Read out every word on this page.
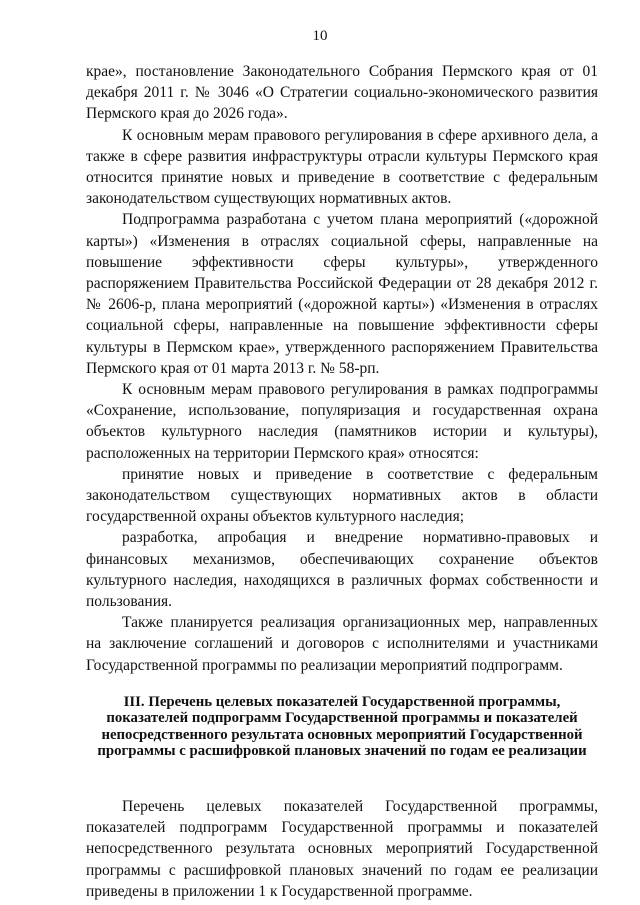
10

крае», постановление Законодательного Собрания Пермского края от 01 декабря 2011 г. № 3046 «О Стратегии социально-экономического развития Пермского края до 2026 года».

К основным мерам правового регулирования в сфере архивного дела, а также в сфере развития инфраструктуры отрасли культуры Пермского края относится принятие новых и приведение в соответствие с федеральным законодательством существующих нормативных актов.

Подпрограмма разработана с учетом плана мероприятий («дорожной карты») «Изменения в отраслях социальной сферы, направленные на повышение эффективности сферы культуры», утвержденного распоряжением Правительства Российской Федерации от 28 декабря 2012 г. № 2606-р, плана мероприятий («дорожной карты») «Изменения в отраслях социальной сферы, направленные на повышение эффективности сферы культуры в Пермском крае», утвержденного распоряжением Правительства Пермского края от 01 марта 2013 г. № 58-рп.

К основным мерам правового регулирования в рамках подпрограммы «Сохранение, использование, популяризация и государственная охрана объектов культурного наследия (памятников истории и культуры), расположенных на территории Пермского края» относятся:

принятие новых и приведение в соответствие с федеральным законодательством существующих нормативных актов в области государственной охраны объектов культурного наследия;

разработка, апробация и внедрение нормативно-правовых и финансовых механизмов, обеспечивающих сохранение объектов культурного наследия, находящихся в различных формах собственности и пользования.

Также планируется реализация организационных мер, направленных на заключение соглашений и договоров с исполнителями и участниками Государственной программы по реализации мероприятий подпрограмм.

III. Перечень целевых показателей Государственной программы,
показателей подпрограмм Государственной программы и показателей
непосредственного результата основных мероприятий Государственной
программы с расшифровкой плановых значений по годам ее реализации

Перечень целевых показателей Государственной программы, показателей подпрограмм Государственной программы и показателей непосредственного результата основных мероприятий Государственной программы с расшифровкой плановых значений по годам ее реализации приведены в приложении 1 к Государственной программе.
